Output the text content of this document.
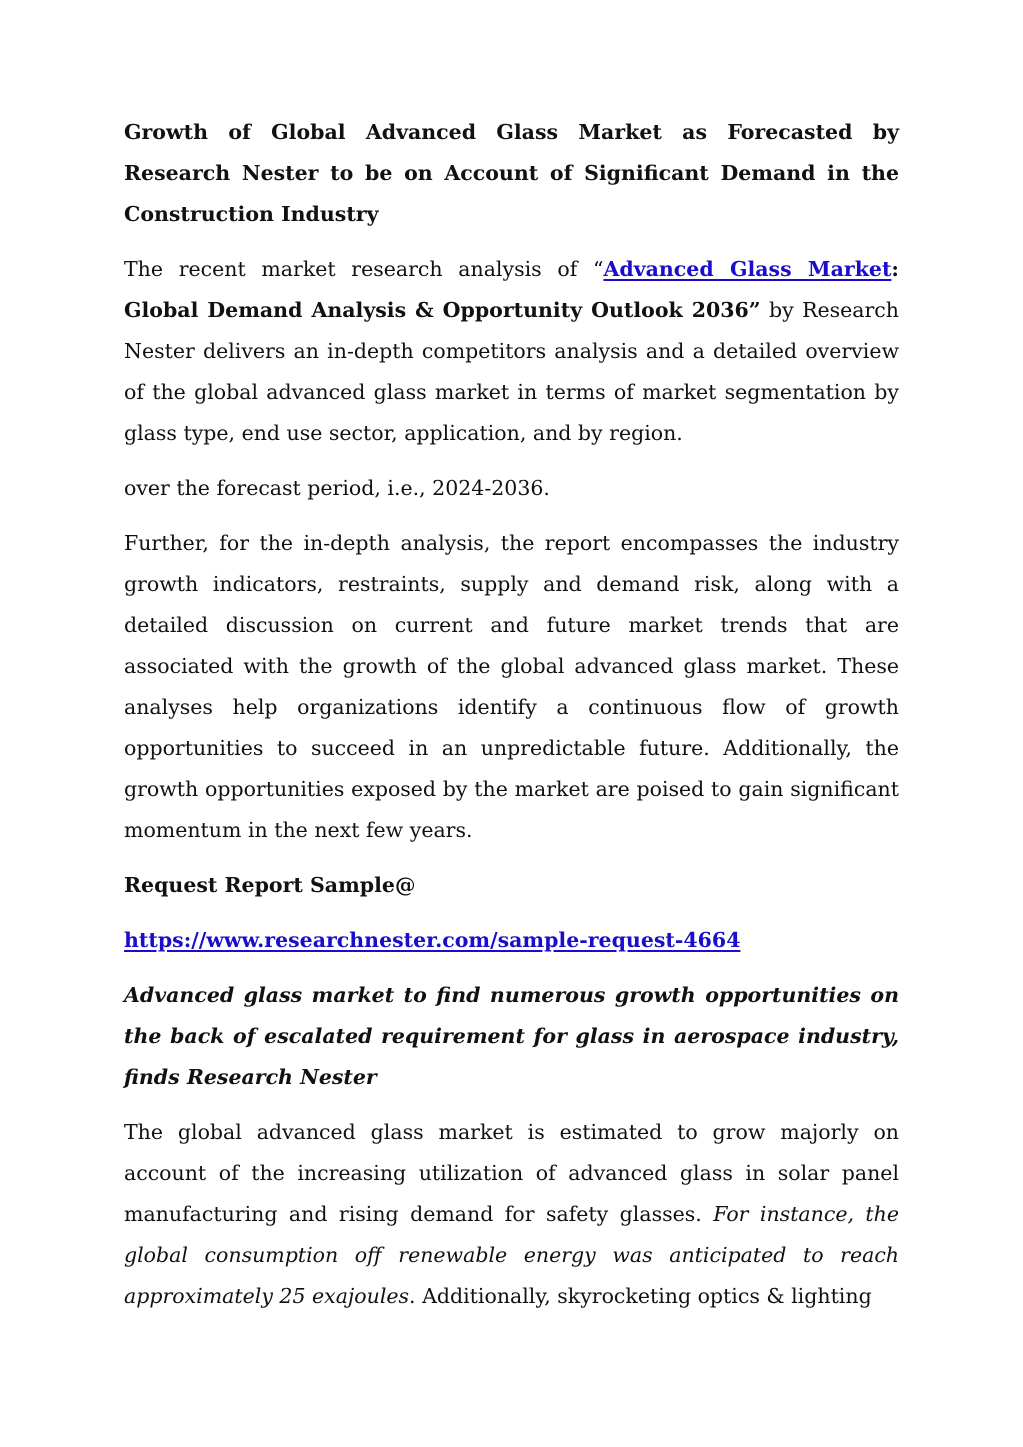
Growth of Global Advanced Glass Market as Forecasted by Research Nester to be on Account of Significant Demand in the Construction Industry

The recent market research analysis of “Advanced Glass Market: Global Demand Analysis & Opportunity Outlook 2036” by Research Nester delivers an in-depth competitors analysis and a detailed overview of the global advanced glass market in terms of market segmentation by glass type, end use sector, application, and by region.

over the forecast period, i.e., 2024-2036.

Further, for the in-depth analysis, the report encompasses the industry growth indicators, restraints, supply and demand risk, along with a detailed discussion on current and future market trends that are associated with the growth of the global advanced glass market. These analyses help organizations identify a continuous flow of growth opportunities to succeed in an unpredictable future. Additionally, the growth opportunities exposed by the market are poised to gain significant momentum in the next few years.

Request Report Sample@

https://www.researchnester.com/sample-request-4664

Advanced glass market to find numerous growth opportunities on the back of escalated requirement for glass in aerospace industry, finds Research Nester

The global advanced glass market is estimated to grow majorly on account of the increasing utilization of advanced glass in solar panel manufacturing and rising demand for safety glasses. For instance, the global consumption off renewable energy was anticipated to reach approximately 25 exajoules. Additionally, skyrocketing optics & lighting
